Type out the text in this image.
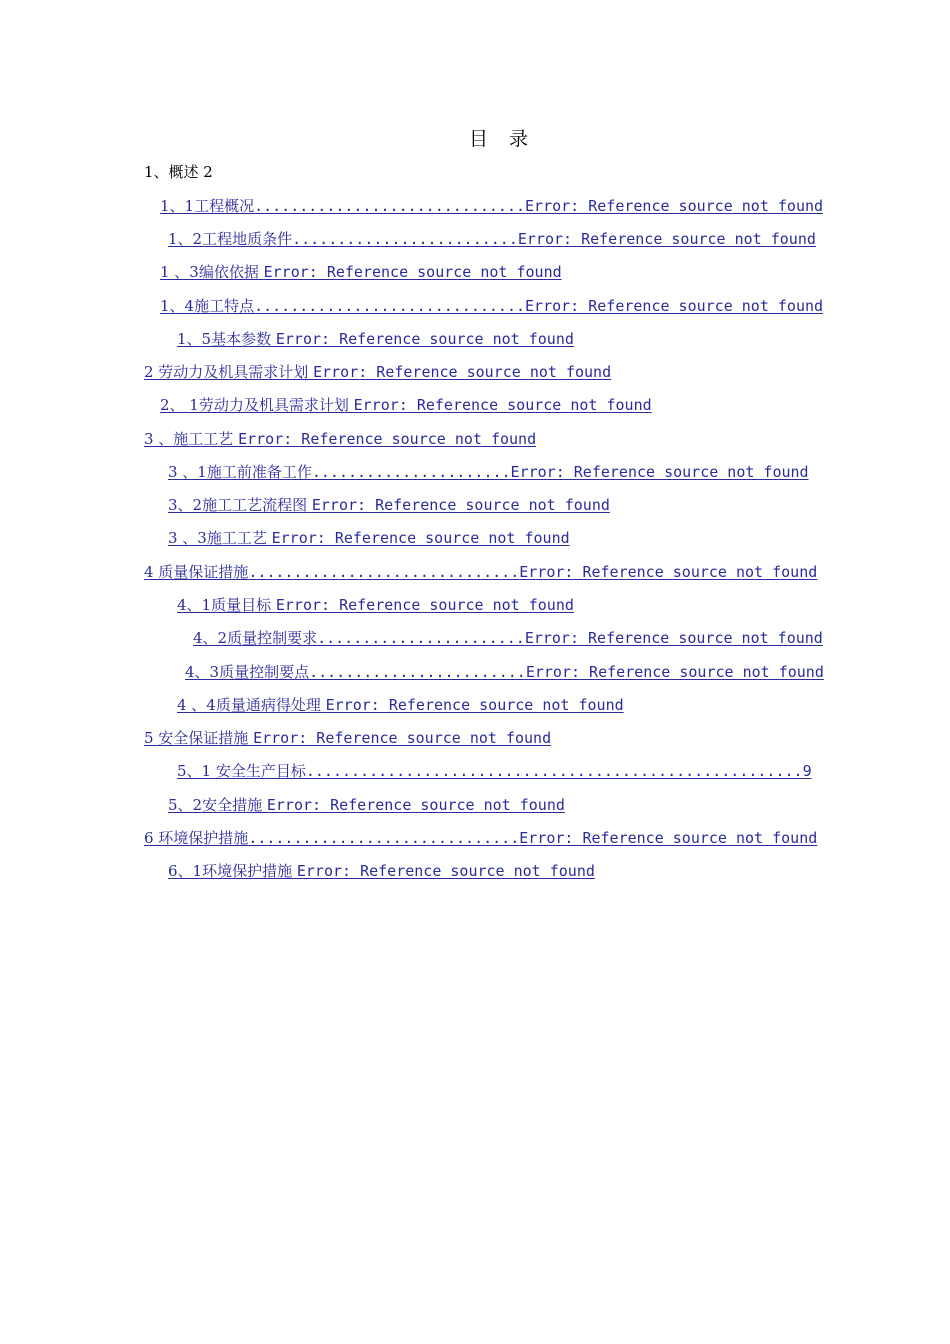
目　录
1、概述 2
1、1工程概况..............................Error: Reference source not found
1、2工程地质条件.........................Error: Reference source not found
1 、3编依依据 Error: Reference source not found
1、4施工特点..............................Error: Reference source not found
1、5基本参数 Error: Reference source not found
2 劳动力及机具需求计划 Error: Reference source not found
2、 1劳动力及机具需求计划 Error: Reference source not found
3 、施工工艺 Error: Reference source not found
3 、1施工前准备工作......................Error: Reference source not found
3、2施工工艺流程图 Error: Reference source not found
3 、3施工工艺 Error: Reference source not found
4 质量保证措施..............................Error: Reference source not found
4、1质量目标 Error: Reference source not found
4、2质量控制要求.......................Error: Reference source not found
4、3质量控制要点........................Error: Reference source not found
4 、4质量通病得处理 Error: Reference source not found
5 安全保证措施 Error: Reference source not found
5、1 安全生产目标.......................................................9
5、2安全措施 Error: Reference source not found
6 环境保护措施..............................Error: Reference source not found
6、1环境保护措施 Error: Reference source not found
